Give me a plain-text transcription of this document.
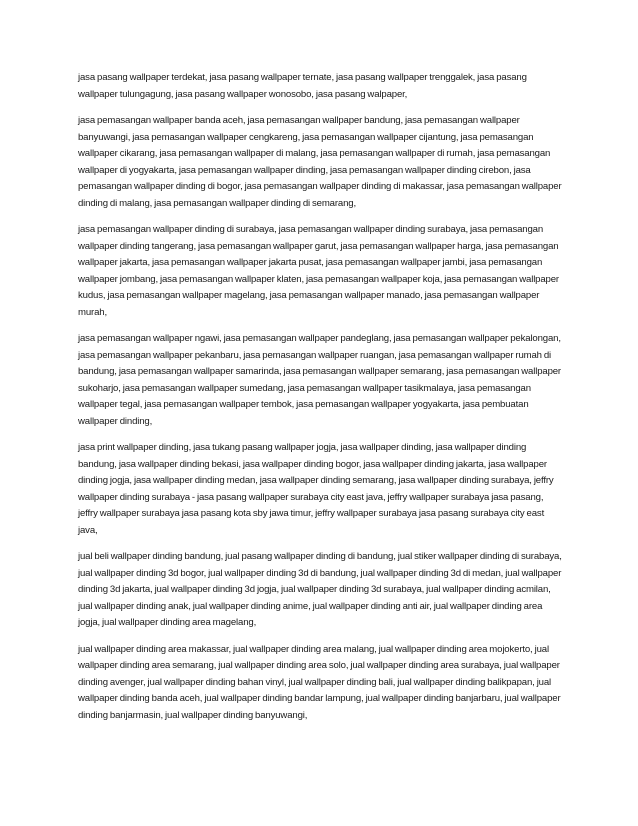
jasa pasang wallpaper terdekat, jasa pasang wallpaper ternate, jasa pasang wallpaper trenggalek, jasa pasang wallpaper tulungagung, jasa pasang wallpaper wonosobo, jasa pasang walpaper,

jasa pemasangan wallpaper banda aceh, jasa pemasangan wallpaper bandung, jasa pemasangan wallpaper banyuwangi, jasa pemasangan wallpaper cengkareng, jasa pemasangan wallpaper cijantung, jasa pemasangan wallpaper cikarang, jasa pemasangan wallpaper di malang, jasa pemasangan wallpaper di rumah, jasa pemasangan wallpaper di yogyakarta, jasa pemasangan wallpaper dinding, jasa pemasangan wallpaper dinding cirebon, jasa pemasangan wallpaper dinding di bogor, jasa pemasangan wallpaper dinding di makassar, jasa pemasangan wallpaper dinding di malang, jasa pemasangan wallpaper dinding di semarang,

jasa pemasangan wallpaper dinding di surabaya, jasa pemasangan wallpaper dinding surabaya, jasa pemasangan wallpaper dinding tangerang, jasa pemasangan wallpaper garut, jasa pemasangan wallpaper harga, jasa pemasangan wallpaper jakarta, jasa pemasangan wallpaper jakarta pusat, jasa pemasangan wallpaper jambi, jasa pemasangan wallpaper jombang, jasa pemasangan wallpaper klaten, jasa pemasangan wallpaper koja, jasa pemasangan wallpaper kudus, jasa pemasangan wallpaper magelang, jasa pemasangan wallpaper manado, jasa pemasangan wallpaper murah,

jasa pemasangan wallpaper ngawi, jasa pemasangan wallpaper pandeglang, jasa pemasangan wallpaper pekalongan, jasa pemasangan wallpaper pekanbaru, jasa pemasangan wallpaper ruangan, jasa pemasangan wallpaper rumah di bandung, jasa pemasangan wallpaper samarinda, jasa pemasangan wallpaper semarang, jasa pemasangan wallpaper sukoharjo, jasa pemasangan wallpaper sumedang, jasa pemasangan wallpaper tasikmalaya, jasa pemasangan wallpaper tegal, jasa pemasangan wallpaper tembok, jasa pemasangan wallpaper yogyakarta, jasa pembuatan wallpaper dinding,

jasa print wallpaper dinding, jasa tukang pasang wallpaper jogja, jasa wallpaper dinding, jasa wallpaper dinding bandung, jasa wallpaper dinding bekasi, jasa wallpaper dinding bogor, jasa wallpaper dinding jakarta, jasa wallpaper dinding jogja, jasa wallpaper dinding medan, jasa wallpaper dinding semarang, jasa wallpaper dinding surabaya, jeffry wallpaper dinding surabaya - jasa pasang wallpaper surabaya city east java, jeffry wallpaper surabaya jasa pasang, jeffry wallpaper surabaya jasa pasang kota sby jawa timur, jeffry wallpaper surabaya jasa pasang surabaya city east java,

jual beli wallpaper dinding bandung, jual pasang wallpaper dinding di bandung, jual stiker wallpaper dinding di surabaya, jual wallpaper dinding 3d bogor, jual wallpaper dinding 3d di bandung, jual wallpaper dinding 3d di medan, jual wallpaper dinding 3d jakarta, jual wallpaper dinding 3d jogja, jual wallpaper dinding 3d surabaya, jual wallpaper dinding acmilan, jual wallpaper dinding anak, jual wallpaper dinding anime, jual wallpaper dinding anti air, jual wallpaper dinding area jogja, jual wallpaper dinding area magelang,

jual wallpaper dinding area makassar, jual wallpaper dinding area malang, jual wallpaper dinding area mojokerto, jual wallpaper dinding area semarang, jual wallpaper dinding area solo, jual wallpaper dinding area surabaya, jual wallpaper dinding avenger, jual wallpaper dinding bahan vinyl, jual wallpaper dinding bali, jual wallpaper dinding balikpapan, jual wallpaper dinding banda aceh, jual wallpaper dinding bandar lampung, jual wallpaper dinding banjarbaru, jual wallpaper dinding banjarmasin, jual wallpaper dinding banyuwangi,
